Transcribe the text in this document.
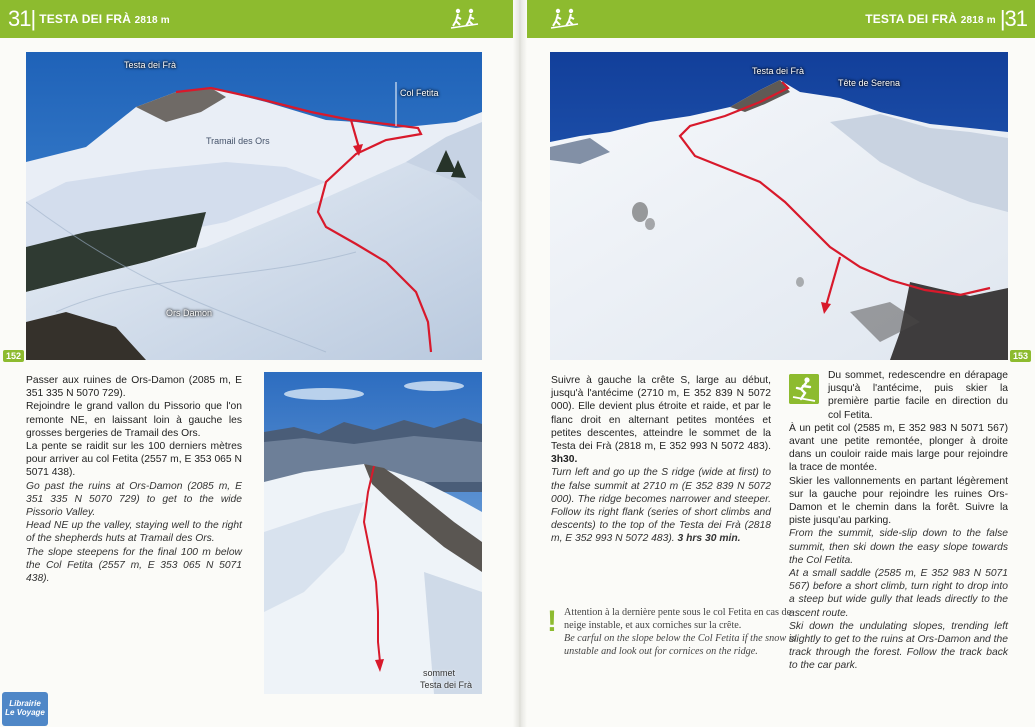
31| TESTA DEI FRÀ 2818 m	TESTA DEI FRÀ 2818 m |31
Testa dei Frà
Col Fetita
Tramail des Ors
Ors Damon
152
sommet
Testa dei Frà

Passer aux ruines de Ors-Damon (2085 m, E 351 335 N 5070 729).

Rejoindre le grand vallon du Pissorio que l'on remonte NE, en laissant loin à gauche les grosses bergeries de Tramail des Ors.

La pente se raidit sur les 100 derniers mètres pour arriver au col Fetita (2557 m, E 353 065 N 5071 438).

Go past the ruins at Ors-Damon (2085 m, E 351 335 N 5070 729) to get to the wide Pissorio Valley.

Head NE up the valley, staying well to the right of the shepherds huts at Tramail des Ors.

The slope steepens for the final 100 m below the Col Fetita (2557 m, E 353 065 N 5071 438).

Testa dei Frà
Tête de Serena
153

Suivre à gauche la crête S, large au début, jusqu'à l'antécime (2710 m, E 352 839 N 5072 000). Elle devient plus étroite et raide, et par le flanc droit en alternant petites montées et petites descentes, atteindre le sommet de la Testa dei Frà (2818 m, E 352 993 N 5072 483). 3h30.

Turn left and go up the S ridge (wide at first) to the false summit at 2710 m (E 352 839 N 5072 000). The ridge becomes narrower and steeper. Follow its right flank (series of short climbs and descents) to the top of the Testa dei Frà (2818 m, E 352 993 N 5072 483). 3 hrs 30 min.

! Attention à la dernière pente sous le col Fetita en cas de neige instable, et aux corniches sur la crête.

Be carful on the slope below the Col Fetita if the snow is unstable and look out for cornices on the ridge.

Du sommet, redescendre en dérapage jusqu'à l'antécime, puis skier la première partie facile en direction du col Fetita.

À un petit col (2585 m, E 352 983 N 5071 567) avant une petite remontée, plonger à droite dans un couloir raide mais large pour rejoindre la trace de montée.

Skier les vallonnements en partant légèrement sur la gauche pour rejoindre les ruines Ors-Damon et le chemin dans la forêt. Suivre la piste jusqu'au parking.

From the summit, side-slip down to the false summit, then ski down the easy slope towards the Col Fetita.

At a small saddle (2585 m, E 352 983 N 5071 567) before a short climb, turn right to drop into a steep but wide gully that leads directly to the ascent route.

Ski down the undulating slopes, trending left slightly to get to the ruins at Ors-Damon and the track through the forest. Follow the track back to the car park.

Librairie
Le Voyage
